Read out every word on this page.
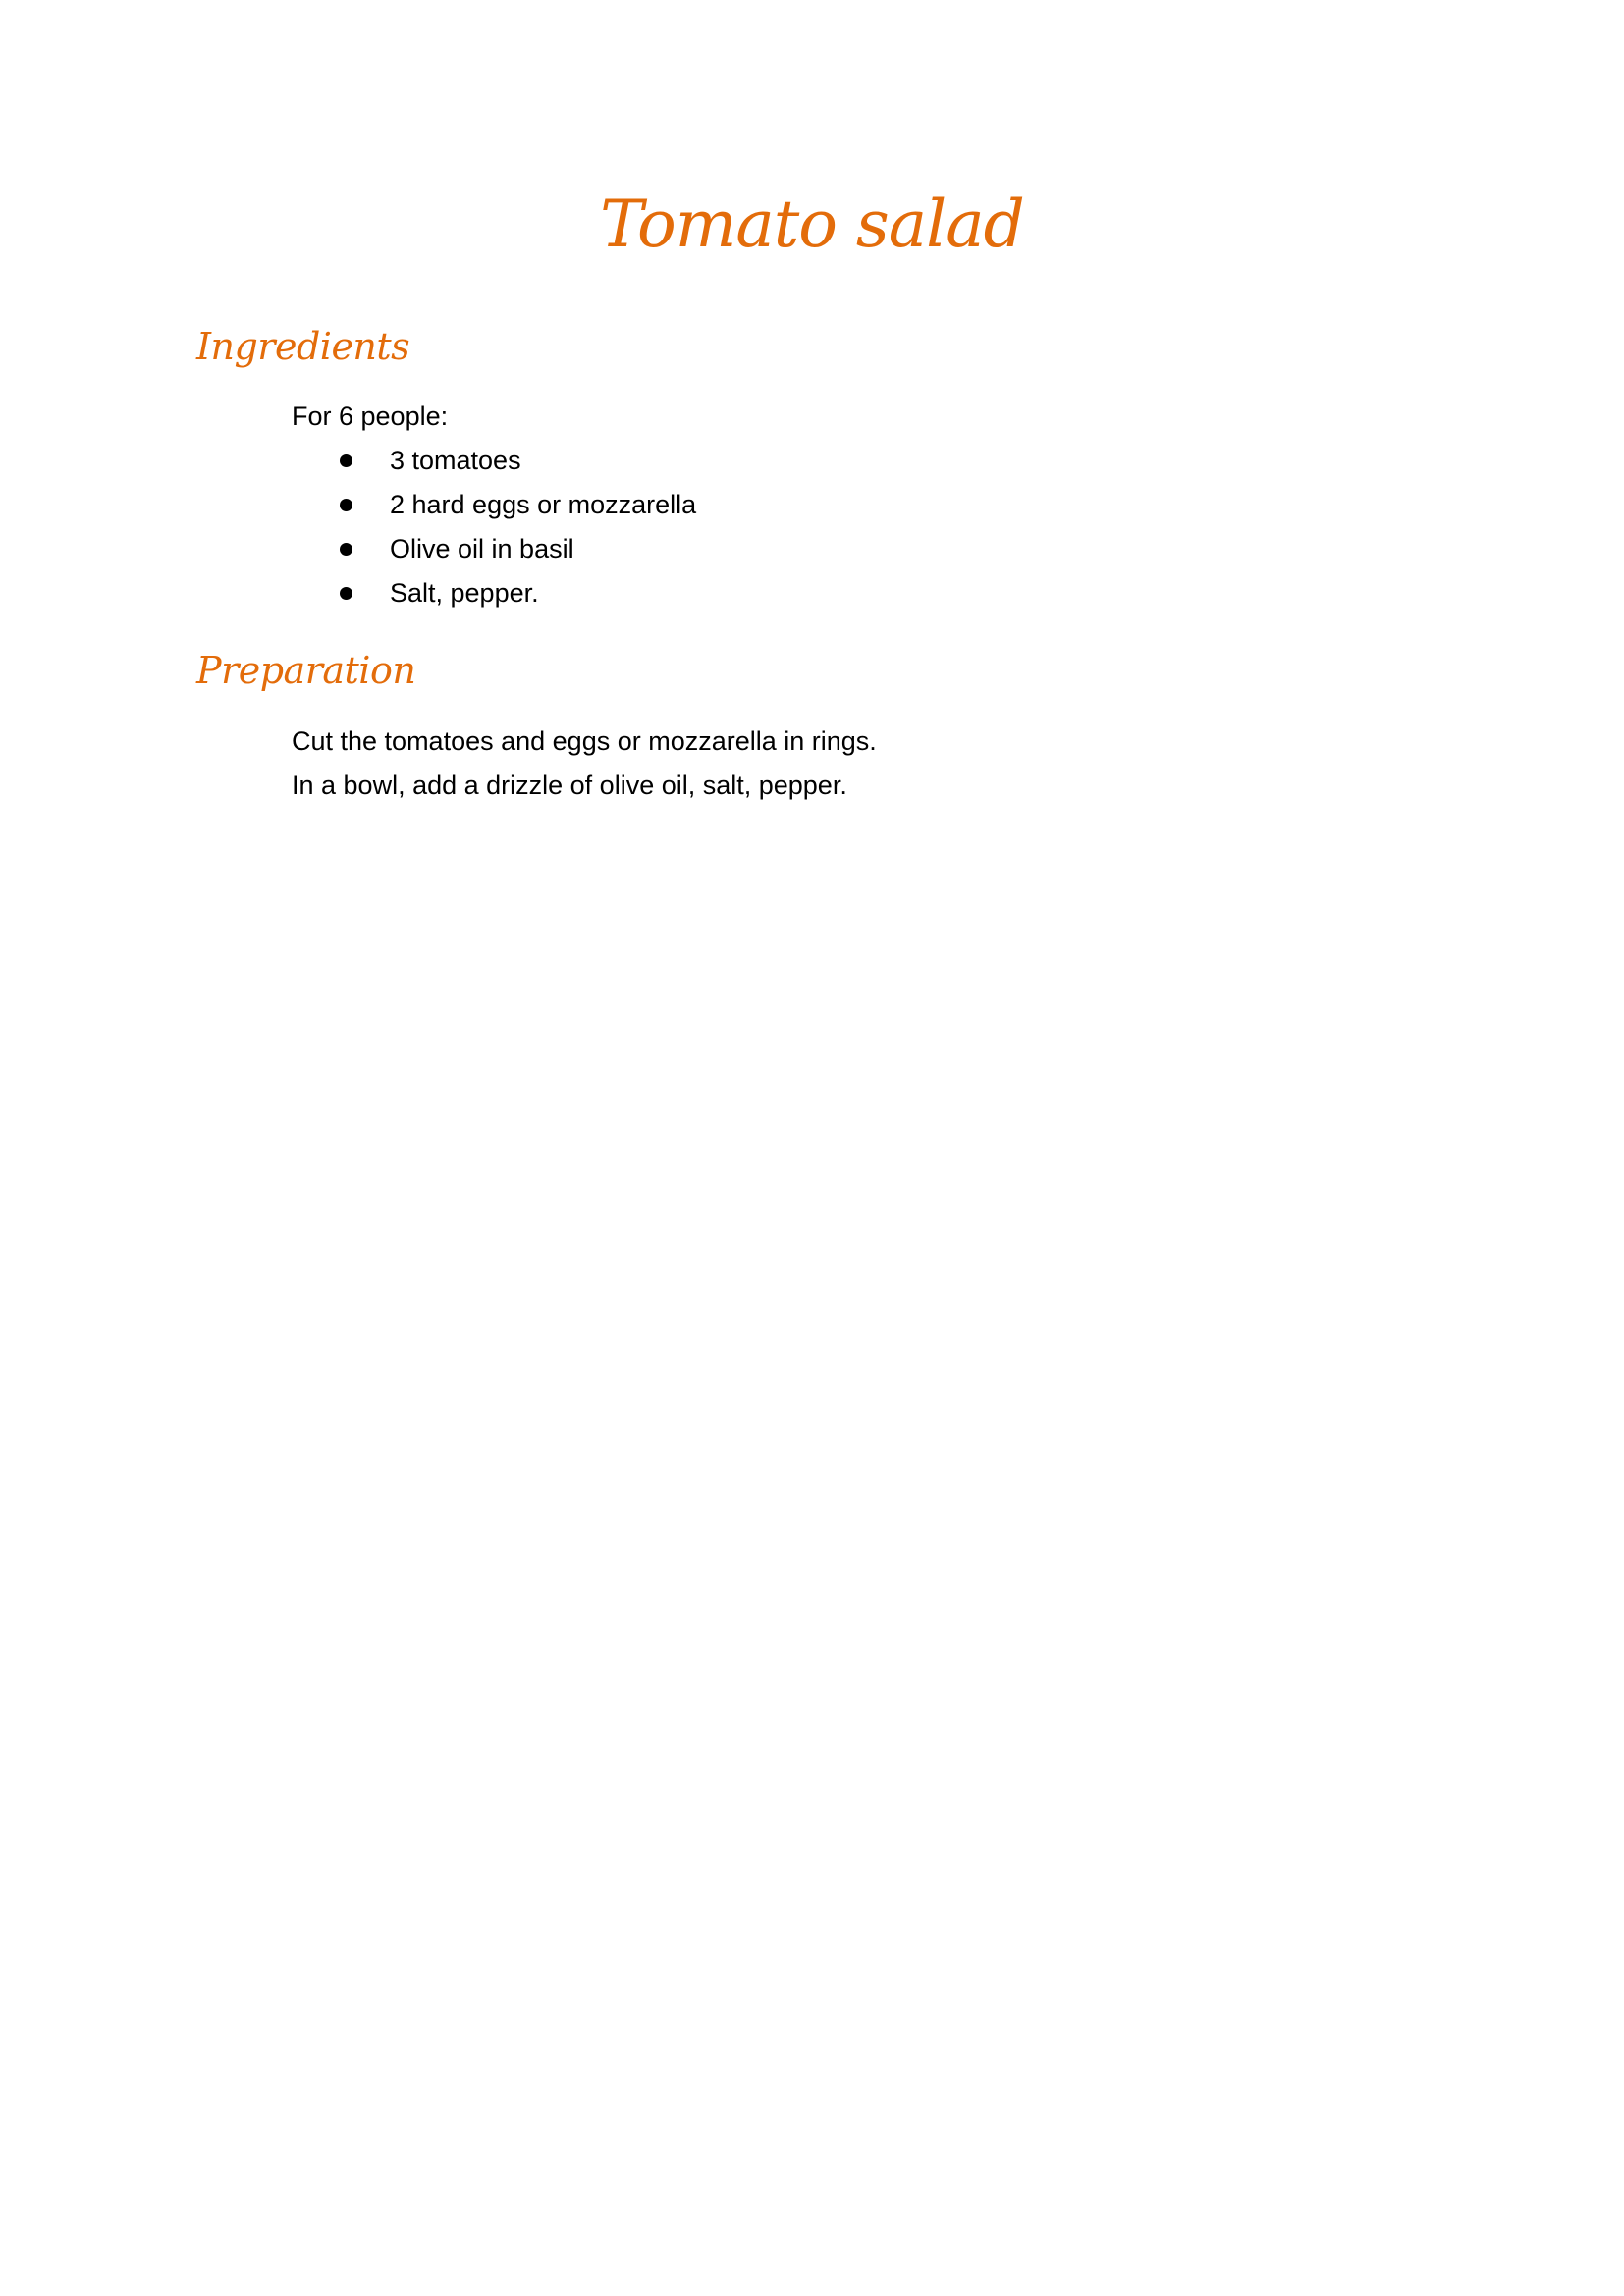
Tomato salad
Ingredients

For 6 people:

3 tomatoes
2 hard eggs or mozzarella
Olive oil in basil
Salt, pepper.
Preparation
Cut the tomatoes and eggs or mozzarella in rings.
In a bowl, add a drizzle of olive oil, salt, pepper.
